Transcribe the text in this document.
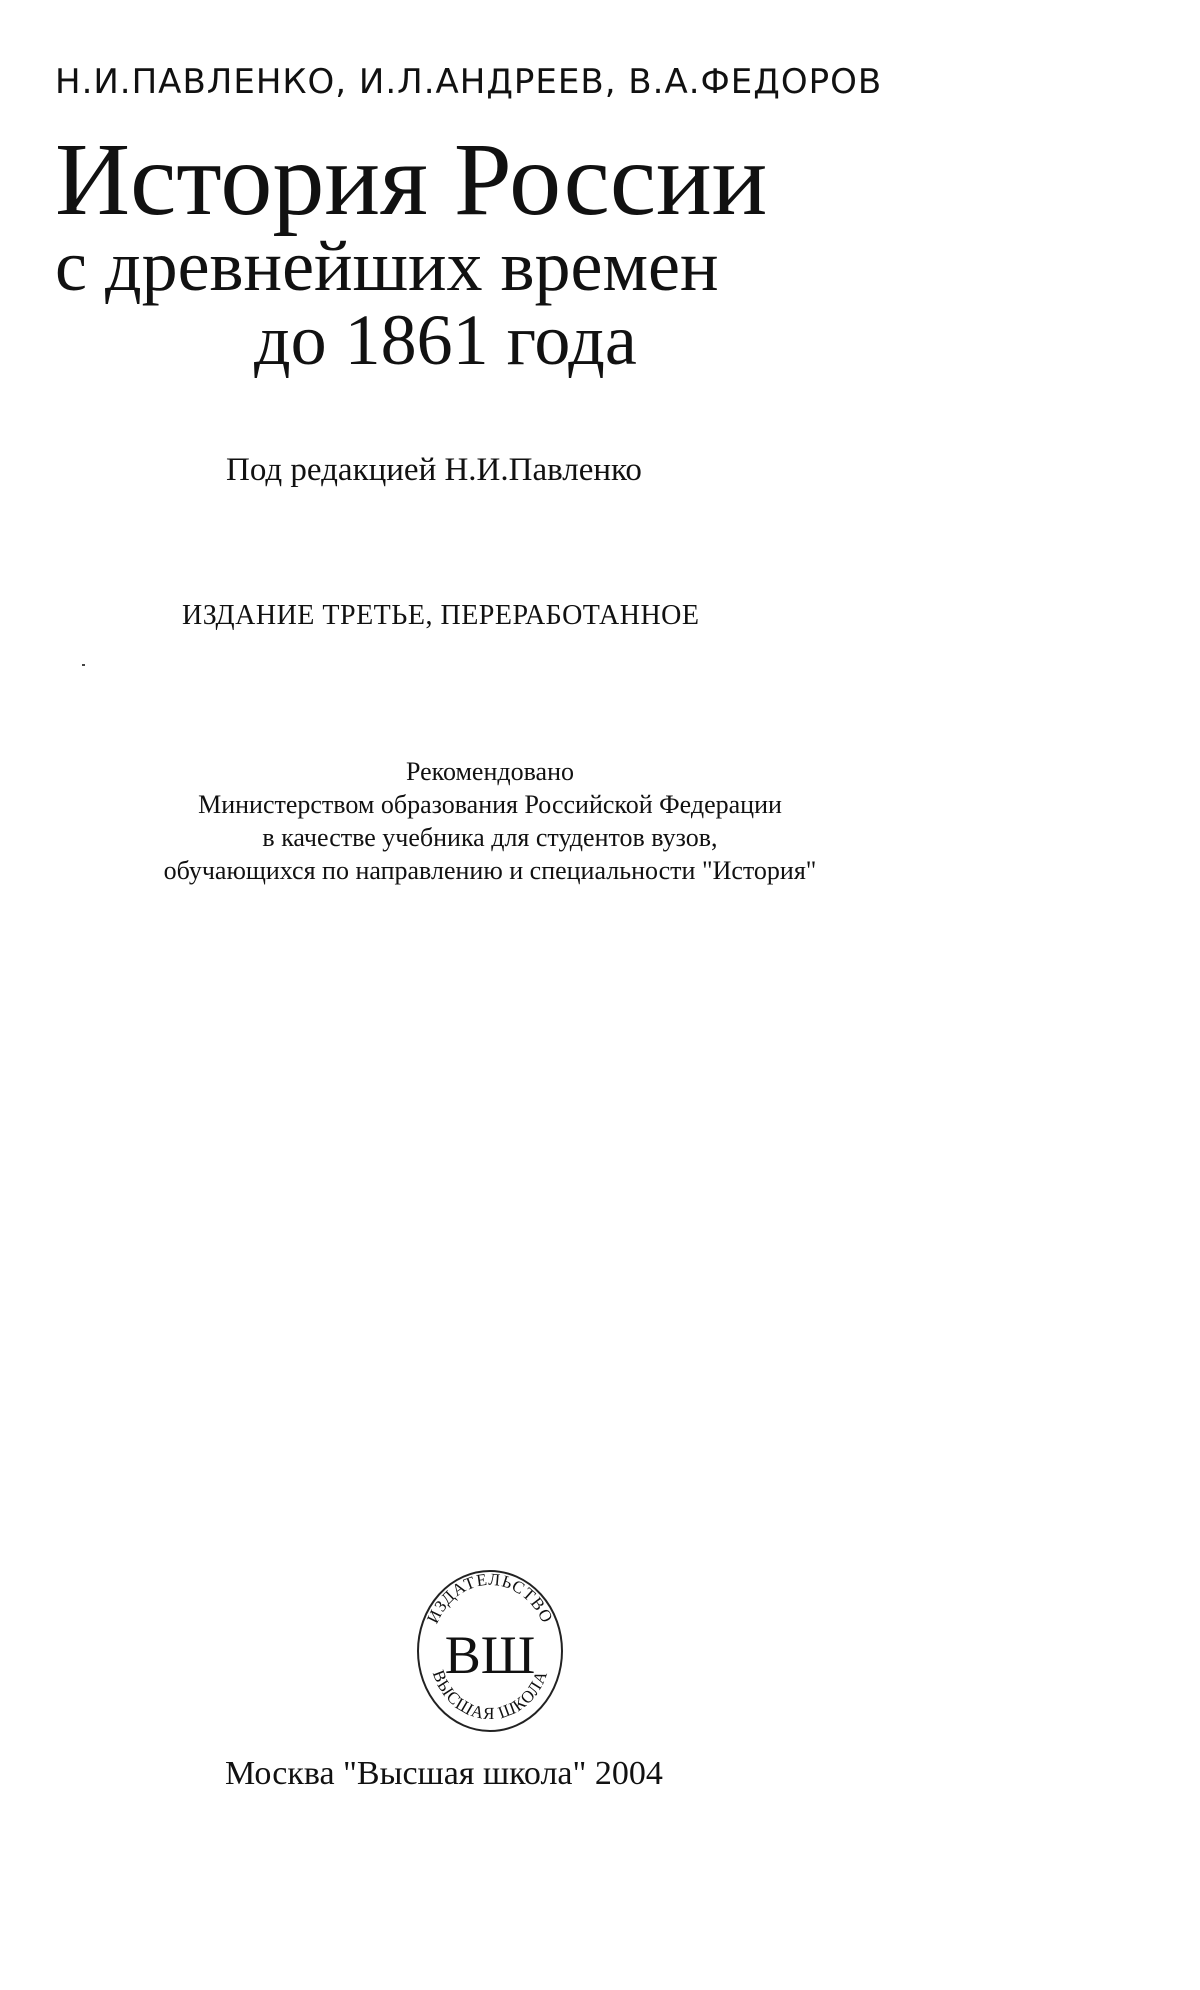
Н.И.ПАВЛЕНКО, И.Л.АНДРЕЕВ, В.А.ФЕДОРОВ
История России
с древнейших времен
до 1861 года
Под редакцией Н.И.Павленко
ИЗДАНИЕ ТРЕТЬЕ, ПЕРЕРАБОТАННОЕ
Рекомендовано
Министерством образования Российской Федерации
в качестве учебника для студентов вузов,
обучающихся по направлению и специальности "История"
ИЗДАТЕЛЬСТВО
ВЫСШАЯ ШКОЛА
ВШ
Москва "Высшая школа" 2004
